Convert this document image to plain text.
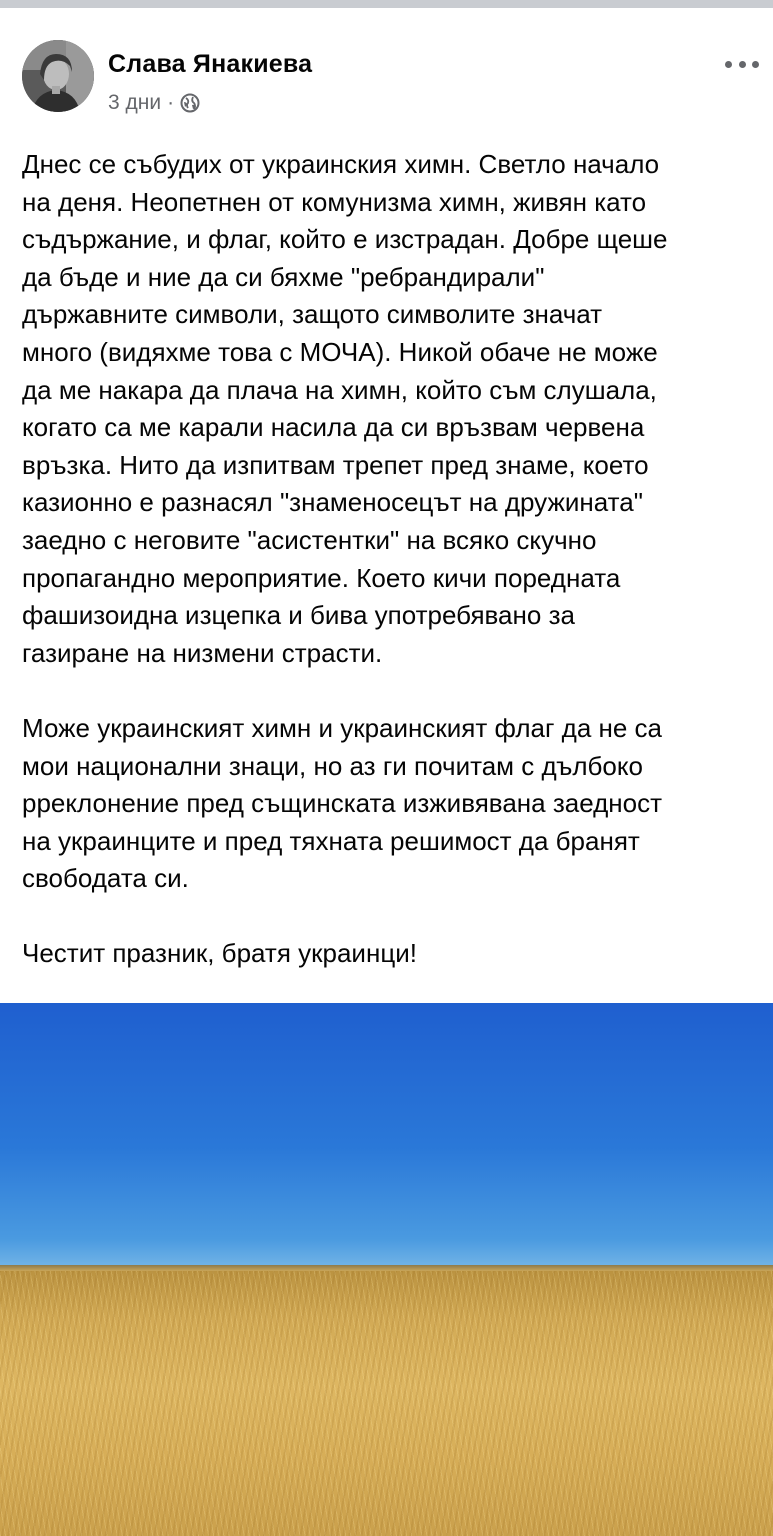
Слава Янакиева
3 дни ·

Днес се събудих от украинския химн. Светло начало
на деня. Неопетнен от комунизма химн, живян като
съдържание, и флаг, който е изстрадан. Добре щеше
да бъде и ние да си бяхме "ребрандирали"
държавните символи, защото символите значат
много (видяхме това с МОЧА). Никой обаче не може
да ме накара да плача на химн, който съм слушала,
когато са ме карали насила да си връзвам червена
връзка. Нито да изпитвам трепет пред знаме, което
казионно е разнасял "знаменосецът на дружината"
заедно с неговите "асистентки" на всяко скучно
пропагандно мероприятие. Което кичи поредната
фашизоидна изцепка и бива употребявано за
газиране на низмени страсти.

Може украинският химн и украинският флаг да не са
мои национални знаци, но аз ги почитам с дълбоко
pреклонение пред същинската изживявана заедност
на украинците и пред тяхната решимост да бранят
свободата си.

Честит празник, братя украинци!
